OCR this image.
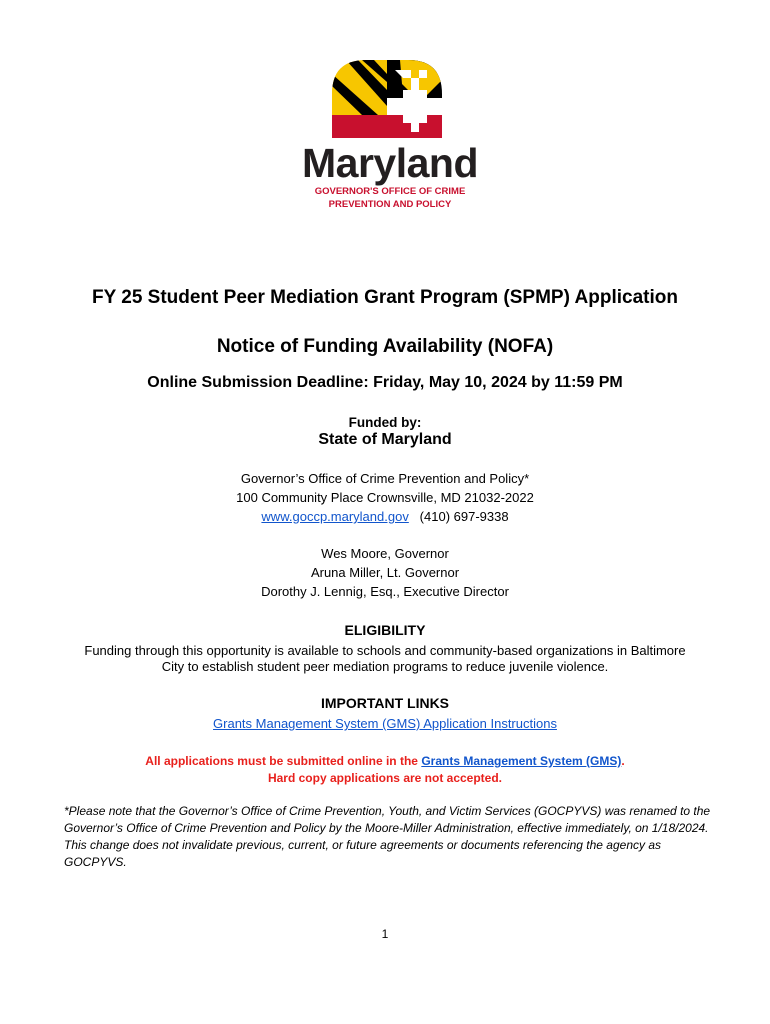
Maryland
GOVERNOR'S OFFICE OF CRIME
PREVENTION AND POLICY
FY 25 Student Peer Mediation Grant Program (SPMP) Application
Notice of Funding Availability (NOFA)
Online Submission Deadline: Friday, May 10, 2024 by 11:59 PM
Funded by:
State of Maryland
Governor’s Office of Crime Prevention and Policy*
100 Community Place Crownsville, MD 21032-2022
www.goccp.maryland.gov (410) 697-9338
Wes Moore, Governor
Aruna Miller, Lt. Governor
Dorothy J. Lennig, Esq., Executive Director
ELIGIBILITY
Funding through this opportunity is available to schools and community-based organizations in Baltimore
City to establish student peer mediation programs to reduce juvenile violence.
IMPORTANT LINKS
Grants Management System (GMS) Application Instructions
All applications must be submitted online in the Grants Management System (GMS).
Hard copy applications are not accepted.
*Please note that the Governor’s Office of Crime Prevention, Youth, and Victim Services (GOCPYVS) was renamed to the Governor’s Office of Crime Prevention and Policy by the Moore-Miller Administration, effective immediately, on 1/18/2024. This change does not invalidate previous, current, or future agreements or documents referencing the agency as GOCPYVS.
1
